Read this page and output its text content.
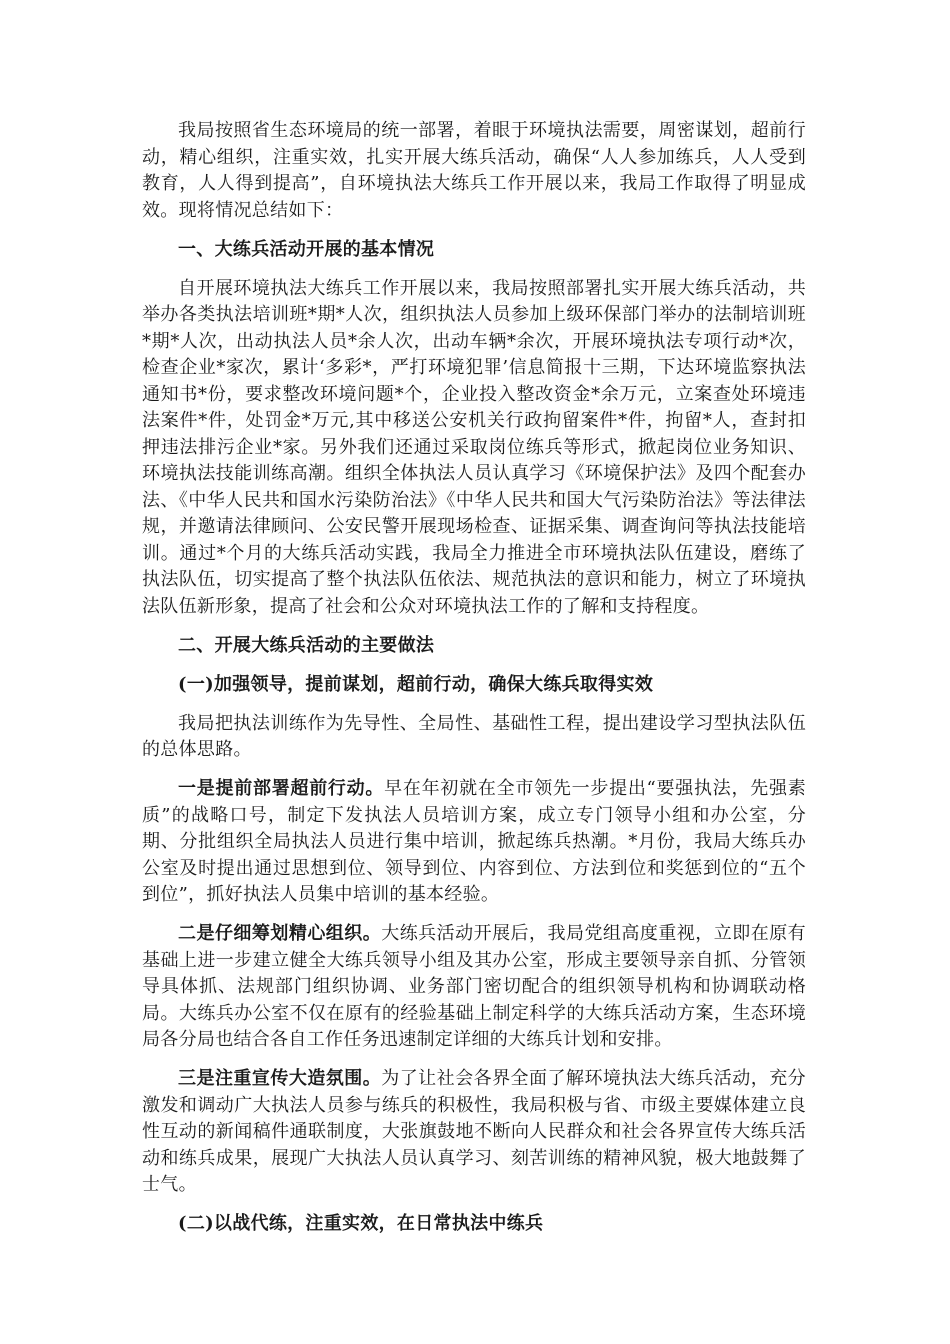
我局按照省生态环境局的统一部署，着眼于环境执法需要，周密谋划，超前行动，精心组织，注重实效，扎实开展大练兵活动，确保“人人参加练兵，人人受到教育，人人得到提高”，自环境执法大练兵工作开展以来，我局工作取得了明显成效。现将情况总结如下：

一、大练兵活动开展的基本情况

自开展环境执法大练兵工作开展以来，我局按照部署扎实开展大练兵活动，共举办各类执法培训班*期*人次，组织执法人员参加上级环保部门举办的法制培训班*期*人次，出动执法人员*余人次，出动车辆*余次，开展环境执法专项行动*次，检查企业*家次，累计‘多彩*，严打环境犯罪’信息简报十三期，下达环境监察执法通知书*份，要求整改环境问题*个，企业投入整改资金*余万元，立案查处环境违法案件*件，处罚金*万元,其中移送公安机关行政拘留案件*件，拘留*人，查封扣押违法排污企业*家。另外我们还通过采取岗位练兵等形式，掀起岗位业务知识、环境执法技能训练高潮。组织全体执法人员认真学习《环境保护法》及四个配套办法、《中华人民共和国水污染防治法》《中华人民共和国大气污染防治法》等法律法规，并邀请法律顾问、公安民警开展现场检查、证据采集、调查询问等执法技能培训。通过*个月的大练兵活动实践，我局全力推进全市环境执法队伍建设，磨练了执法队伍，切实提高了整个执法队伍依法、规范执法的意识和能力，树立了环境执法队伍新形象，提高了社会和公众对环境执法工作的了解和支持程度。

二、开展大练兵活动的主要做法

(一)加强领导，提前谋划，超前行动，确保大练兵取得实效

我局把执法训练作为先导性、全局性、基础性工程，提出建设学习型执法队伍的总体思路。

一是提前部署超前行动。早在年初就在全市领先一步提出“要强执法，先强素质”的战略口号，制定下发执法人员培训方案，成立专门领导小组和办公室，分期、分批组织全局执法人员进行集中培训，掀起练兵热潮。*月份，我局大练兵办公室及时提出通过思想到位、领导到位、内容到位、方法到位和奖惩到位的“五个到位”，抓好执法人员集中培训的基本经验。

二是仔细筹划精心组织。大练兵活动开展后，我局党组高度重视，立即在原有基础上进一步建立健全大练兵领导小组及其办公室，形成主要领导亲自抓、分管领导具体抓、法规部门组织协调、业务部门密切配合的组织领导机构和协调联动格局。大练兵办公室不仅在原有的经验基础上制定科学的大练兵活动方案，生态环境局各分局也结合各自工作任务迅速制定详细的大练兵计划和安排。

三是注重宣传大造氛围。为了让社会各界全面了解环境执法大练兵活动，充分激发和调动广大执法人员参与练兵的积极性，我局积极与省、市级主要媒体建立良性互动的新闻稿件通联制度，大张旗鼓地不断向人民群众和社会各界宣传大练兵活动和练兵成果，展现广大执法人员认真学习、刻苦训练的精神风貌，极大地鼓舞了士气。

(二)以战代练，注重实效，在日常执法中练兵
